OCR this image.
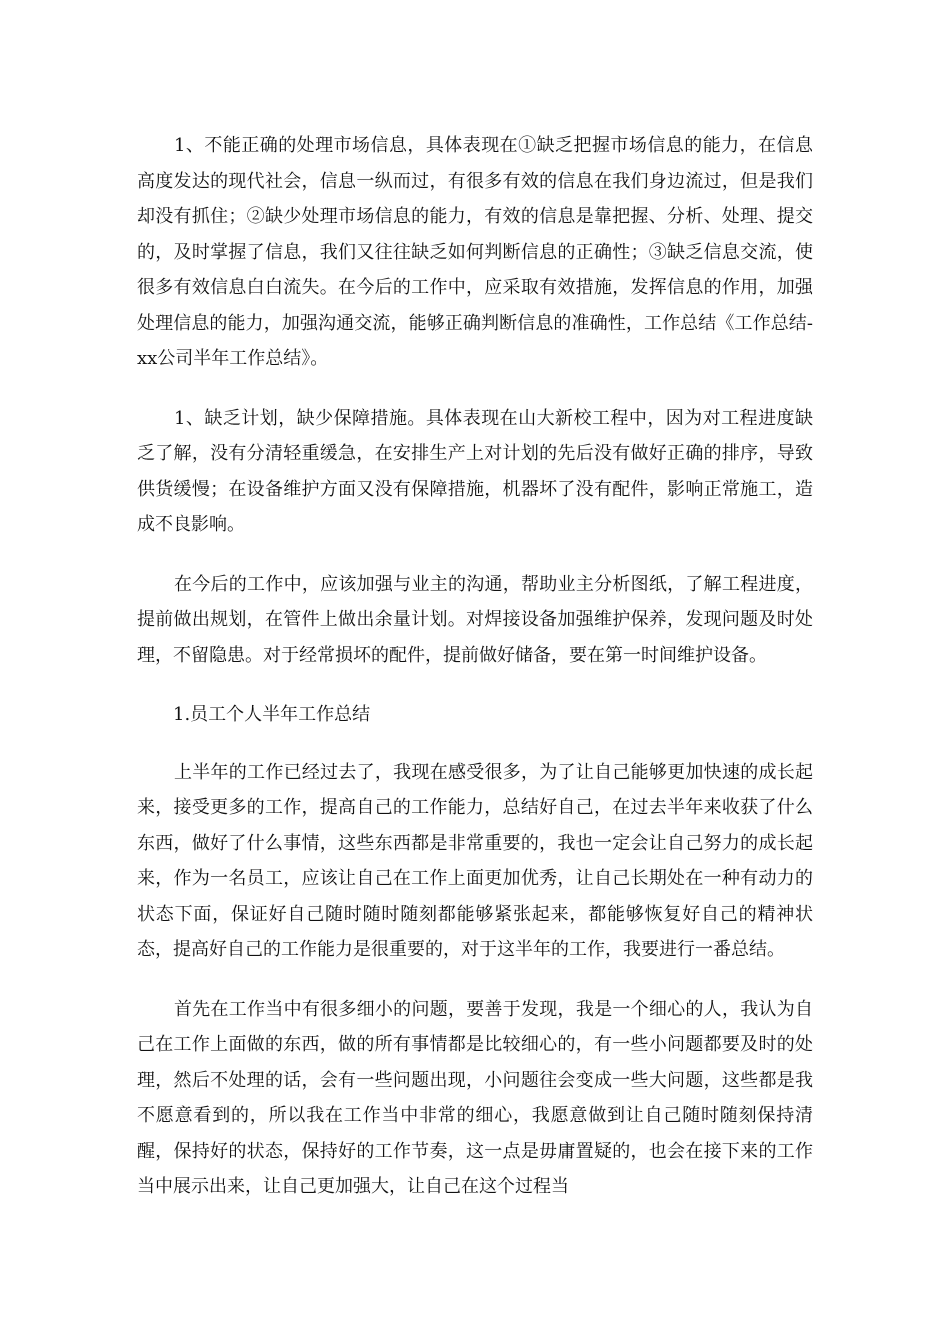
1、不能正确的处理市场信息，具体表现在①缺乏把握市场信息的能力，在信息高度发达的现代社会，信息一纵而过，有很多有效的信息在我们身边流过，但是我们却没有抓住；②缺少处理市场信息的能力，有效的信息是靠把握、分析、处理、提交的，及时掌握了信息，我们又往往缺乏如何判断信息的正确性；③缺乏信息交流，使很多有效信息白白流失。在今后的工作中，应采取有效措施，发挥信息的作用，加强处理信息的能力，加强沟通交流，能够正确判断信息的准确性，工作总结《工作总结-xx公司半年工作总结》。

1、缺乏计划，缺少保障措施。具体表现在山大新校工程中，因为对工程进度缺乏了解，没有分清轻重缓急，在安排生产上对计划的先后没有做好正确的排序，导致供货缓慢；在设备维护方面又没有保障措施，机器坏了没有配件，影响正常施工，造成不良影响。

在今后的工作中，应该加强与业主的沟通，帮助业主分析图纸，了解工程进度，提前做出规划，在管件上做出余量计划。对焊接设备加强维护保养，发现问题及时处理，不留隐患。对于经常损坏的配件，提前做好储备，要在第一时间维护设备。

1.员工个人半年工作总结

上半年的工作已经过去了，我现在感受很多，为了让自己能够更加快速的成长起来，接受更多的工作，提高自己的工作能力，总结好自己，在过去半年来收获了什么东西，做好了什么事情，这些东西都是非常重要的，我也一定会让自己努力的成长起来，作为一名员工，应该让自己在工作上面更加优秀，让自己长期处在一种有动力的状态下面，保证好自己随时随时随刻都能够紧张起来，都能够恢复好自己的精神状态，提高好自己的工作能力是很重要的，对于这半年的工作，我要进行一番总结。

首先在工作当中有很多细小的问题，要善于发现，我是一个细心的人，我认为自己在工作上面做的东西，做的所有事情都是比较细心的，有一些小问题都要及时的处理，然后不处理的话，会有一些问题出现，小问题往会变成一些大问题，这些都是我不愿意看到的，所以我在工作当中非常的细心，我愿意做到让自己随时随刻保持清醒，保持好的状态，保持好的工作节奏，这一点是毋庸置疑的，也会在接下来的工作当中展示出来，让自己更加强大，让自己在这个过程当
